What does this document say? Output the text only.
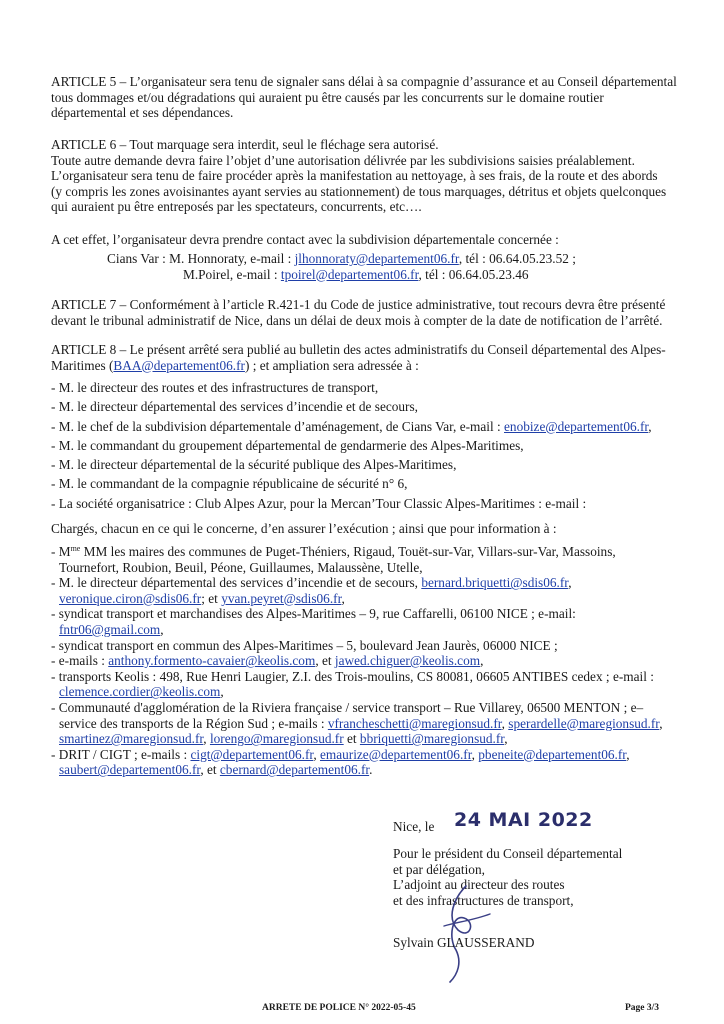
ARTICLE 5 – L’organisateur sera tenu de signaler sans délai à sa compagnie d’assurance et au Conseil départemental
tous dommages et/ou dégradations qui auraient pu être causés par les concurrents sur le domaine routier
départemental et ses dépendances.
ARTICLE 6 – Tout marquage sera interdit, seul le fléchage sera autorisé.
Toute autre demande devra faire l’objet d’une autorisation délivrée par les subdivisions saisies préalablement.
L’organisateur sera tenu de faire procéder après la manifestation au nettoyage, à ses frais, de la route et des abords
(y compris les zones avoisinantes ayant servies au stationnement) de tous marquages, détritus et objets quelconques
qui auraient pu être entreposés par les spectateurs, concurrents, etc….
A cet effet, l’organisateur devra prendre contact avec la subdivision départementale concernée :
Cians Var : M. Honnoraty, e-mail : jlhonnoraty@departement06.fr, tél : 06.64.05.23.52 ;
M.Poirel, e-mail : tpoirel@departement06.fr, tél : 06.64.05.23.46
ARTICLE 7 – Conformément à l’article R.421-1 du Code de justice administrative, tout recours devra être présenté
devant le tribunal administratif de Nice, dans un délai de deux mois à compter de la date de notification de l’arrêté.
ARTICLE 8 – Le présent arrêté sera publié au bulletin des actes administratifs du Conseil départemental des Alpes-
Maritimes (BAA@departement06.fr) ; et ampliation sera adressée à :
- M. le directeur des routes et des infrastructures de transport,
- M. le directeur départemental des services d’incendie et de secours,
- M. le chef de la subdivision départementale d’aménagement, de Cians Var, e-mail : enobize@departement06.fr,
- M. le commandant du groupement départemental de gendarmerie des Alpes-Maritimes,
- M. le directeur départemental de la sécurité publique des Alpes-Maritimes,
- M. le commandant de la compagnie républicaine de sécurité n° 6,
- La société organisatrice : Club Alpes Azur, pour la Mercan’Tour Classic Alpes-Maritimes : e-mail :
Chargés, chacun en ce qui le concerne, d’en assurer l’exécution ; ainsi que pour information à :
- $M^{me}$ MM les maires des communes de Puget-Théniers, Rigaud, Touët-sur-Var, Villars-sur-Var, Massoins,
Tournefort, Roubion, Beuil, Péone, Guillaumes, Malaussène, Utelle,
- M. le directeur départemental des services d’incendie et de secours, bernard.briquetti@sdis06.fr,
veronique.ciron@sdis06.fr; et yvan.peyret@sdis06.fr,
- syndicat transport et marchandises des Alpes-Maritimes – 9, rue Caffarelli, 06100 NICE ; e-mail:
fntr06@gmail.com,
- syndicat transport en commun des Alpes-Maritimes – 5, boulevard Jean Jaurès, 06000 NICE ;
- e-mails : anthony.formento-cavaier@keolis.com, et jawed.chiguer@keolis.com,
- transports Keolis : 498, Rue Henri Laugier, Z.I. des Trois-moulins, CS 80081, 06605 ANTIBES cedex ; e-mail :
clemence.cordier@keolis.com,
- Communauté d'agglomération de la Riviera française / service transport – Rue Villarey, 06500 MENTON ; e–
service des transports de la Région Sud ; e-mails : vfrancheschetti@maregionsud.fr, sperardelle@maregionsud.fr,
smartinez@maregionsud.fr, lorengo@maregionsud.fr et bbriquetti@maregionsud.fr,
- DRIT / CIGT ; e-mails : cigt@departement06.fr, emaurize@departement06.fr, pbeneite@departement06.fr,
saubert@departement06.fr, et cbernard@departement06.fr.
Nice, le	24 MAI 2022
Pour le président du Conseil départemental
et par délégation,
L’adjoint au directeur des routes
et des infrastructures de transport,
Sylvain GLAUSSERAND
ARRETE DE POLICE N° 2022-05-45	Page 3/3
